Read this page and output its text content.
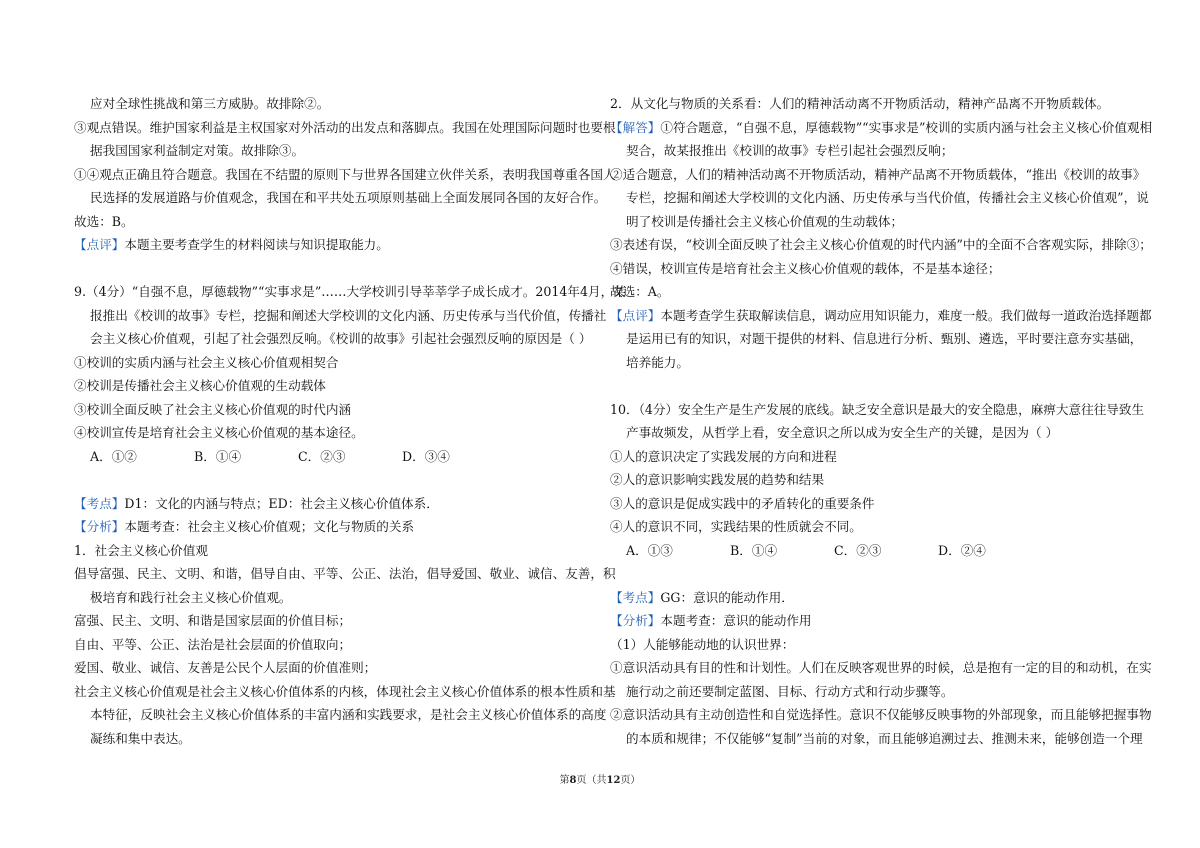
应对全球性挑战和第三方威胁。故排除②。
③观点错误。维护国家利益是主权国家对外活动的出发点和落脚点。我国在处理国际问题时也要根
据我国国家利益制定对策。故排除③。
①④观点正确且符合题意。我国在不结盟的原则下与世界各国建立伙伴关系，表明我国尊重各国人
民选择的发展道路与价值观念，我国在和平共处五项原则基础上全面发展同各国的友好合作。
故选：B。
【点评】本题主要考查学生的材料阅读与知识提取能力。
9.（4分）“自强不息，厚德载物”“实事求是”……大学校训引导莘莘学子成长成才。2014年4月，某
报推出《校训的故事》专栏，挖掘和阐述大学校训的文化内涵、历史传承与当代价值，传播社
会主义核心价值观，引起了社会强烈反响。《校训的故事》引起社会强烈反响的原因是（ ）
①校训的实质内涵与社会主义核心价值观相契合
②校训是传播社会主义核心价值观的生动载体
③校训全面反映了社会主义核心价值观的时代内涵
④校训宣传是培育社会主义核心价值观的基本途径。
A．①②	B．①④	C．②③	D．③④
【考点】D1：文化的内涵与特点；ED：社会主义核心价值体系．
【分析】本题考查：社会主义核心价值观；文化与物质的关系
1．社会主义核心价值观
倡导富强、民主、文明、和谐，倡导自由、平等、公正、法治，倡导爱国、敬业、诚信、友善，积
极培育和践行社会主义核心价值观。
富强、民主、文明、和谐是国家层面的价值目标；
自由、平等、公正、法治是社会层面的价值取向；
爱国、敬业、诚信、友善是公民个人层面的价值准则；
社会主义核心价值观是社会主义核心价值体系的内核，体现社会主义核心价值体系的根本性质和基
本特征，反映社会主义核心价值体系的丰富内涵和实践要求，是社会主义核心价值体系的高度
凝练和集中表达。
2．从文化与物质的关系看：人们的精神活动离不开物质活动，精神产品离不开物质载体。
【解答】①符合题意，“自强不息，厚德载物”“实事求是”校训的实质内涵与社会主义核心价值观相
契合，故某报推出《校训的故事》专栏引起社会强烈反响；
②适合题意，人们的精神活动离不开物质活动，精神产品离不开物质载体，“推出《校训的故事》
专栏，挖掘和阐述大学校训的文化内涵、历史传承与当代价值，传播社会主义核心价值观”，说
明了校训是传播社会主义核心价值观的生动载体；
③表述有误，“校训全面反映了社会主义核心价值观的时代内涵”中的全面不合客观实际，排除③；
④错误，校训宣传是培育社会主义核心价值观的载体，不是基本途径；
故选：A。
【点评】本题考查学生获取解读信息，调动应用知识能力，难度一般。我们做每一道政治选择题都
是运用已有的知识，对题干提供的材料、信息进行分析、甄别、遴选，平时要注意夯实基础，
培养能力。
10．（4分）安全生产是生产发展的底线。缺乏安全意识是最大的安全隐患，麻痹大意往往导致生
产事故频发，从哲学上看，安全意识之所以成为安全生产的关键，是因为（ ）
①人的意识决定了实践发展的方向和进程
②人的意识影响实践发展的趋势和结果
③人的意识是促成实践中的矛盾转化的重要条件
④人的意识不同，实践结果的性质就会不同。
A．①③	B．①④	C．②③	D．②④
【考点】GG：意识的能动作用．
【分析】本题考查：意识的能动作用
（1）人能够能动地的认识世界：
①意识活动具有目的性和计划性。人们在反映客观世界的时候，总是抱有一定的目的和动机，在实
施行动之前还要制定蓝图、目标、行动方式和行动步骤等。
②意识活动具有主动创造性和自觉选择性。意识不仅能够反映事物的外部现象，而且能够把握事物
的本质和规律；不仅能够“复制”当前的对象，而且能够追溯过去、推测未来，能够创造一个理
第8页（共12页）
